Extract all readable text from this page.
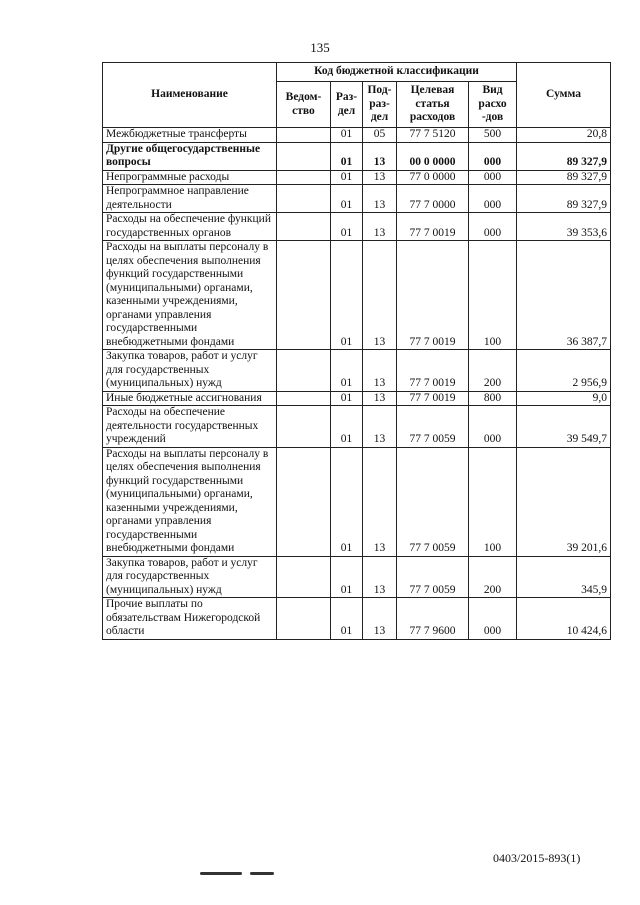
135
Наименование	Код бюджетной классификации					Сумма
	Ведом-ство	Раз-дел	Под-раз-дел	Целевая статья расходов	Вид расхо -дов	
Межбюджетные трансферты		01	05	77 7 5120	500	20,8
Другие общегосударственные вопросы		01	13	00 0 0000	000	89 327,9
Непрограммные расходы		01	13	77 0 0000	000	89 327,9
Непрограммное направление деятельности		01	13	77 7 0000	000	89 327,9
Расходы на обеспечение функций государственных органов		01	13	77 7 0019	000	39 353,6
Расходы на выплаты персоналу в целях обеспечения выполнения функций государственными (муниципальными) органами, казенными учреждениями, органами управления государственными внебюджетными фондами		01	13	77 7 0019	100	36 387,7
Закупка товаров, работ и услуг для государственных (муниципальных) нужд		01	13	77 7 0019	200	2 956,9
Иные бюджетные ассигнования		01	13	77 7 0019	800	9,0
Расходы на обеспечение деятельности государственных учреждений		01	13	77 7 0059	000	39 549,7
Расходы на выплаты персоналу в целях обеспечения выполнения функций государственными (муниципальными) органами, казенными учреждениями, органами управления государственными внебюджетными фондами		01	13	77 7 0059	100	39 201,6
Закупка товаров, работ и услуг для государственных (муниципальных) нужд		01	13	77 7 0059	200	345,9
Прочие выплаты по обязательствам Нижегородской области		01	13	77 7 9600	000	10 424,6
0403/2015-893(1)
